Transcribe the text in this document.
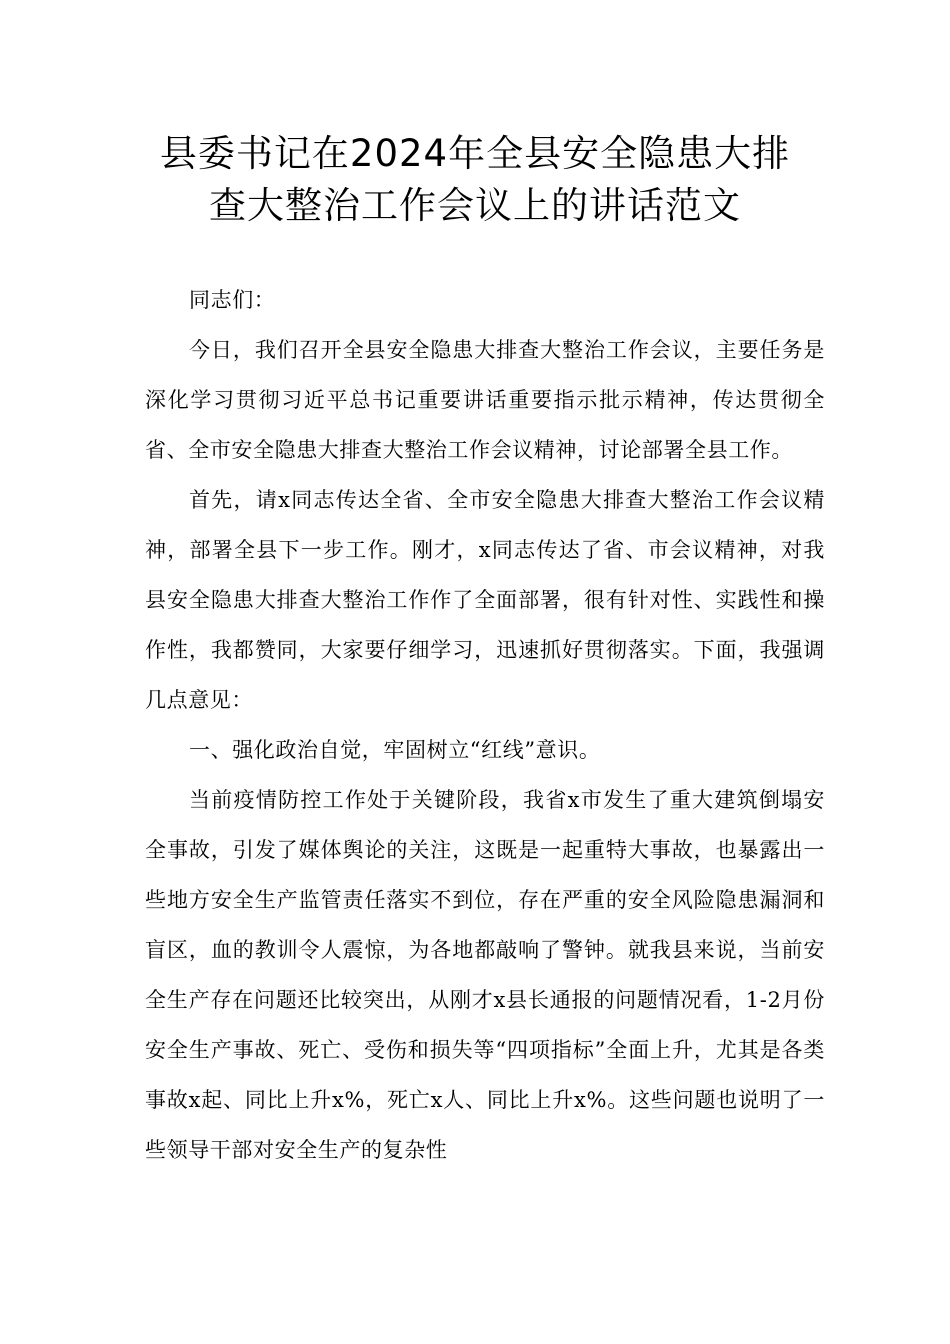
县委书记在2024年全县安全隐患大排
查大整治工作会议上的讲话范文

同志们：

今日，我们召开全县安全隐患大排查大整治工作会议，主要任务是深化学习贯彻习近平总书记重要讲话重要指示批示精神，传达贯彻全省、全市安全隐患大排查大整治工作会议精神，讨论部署全县工作。

首先，请x同志传达全省、全市安全隐患大排查大整治工作会议精神，部署全县下一步工作。刚才，x同志传达了省、市会议精神，对我县安全隐患大排查大整治工作作了全面部署，很有针对性、实践性和操作性，我都赞同，大家要仔细学习，迅速抓好贯彻落实。下面，我强调几点意见：

一、强化政治自觉，牢固树立“红线”意识。

当前疫情防控工作处于关键阶段，我省x市发生了重大建筑倒塌安全事故，引发了媒体舆论的关注，这既是一起重特大事故，也暴露出一些地方安全生产监管责任落实不到位，存在严重的安全风险隐患漏洞和盲区，血的教训令人震惊，为各地都敲响了警钟。就我县来说，当前安全生产存在问题还比较突出，从刚才x县长通报的问题情况看，1-2月份安全生产事故、死亡、受伤和损失等“四项指标”全面上升，尤其是各类事故x起、同比上升x%，死亡x人、同比上升x%。这些问题也说明了一些领导干部对安全生产的复杂性
